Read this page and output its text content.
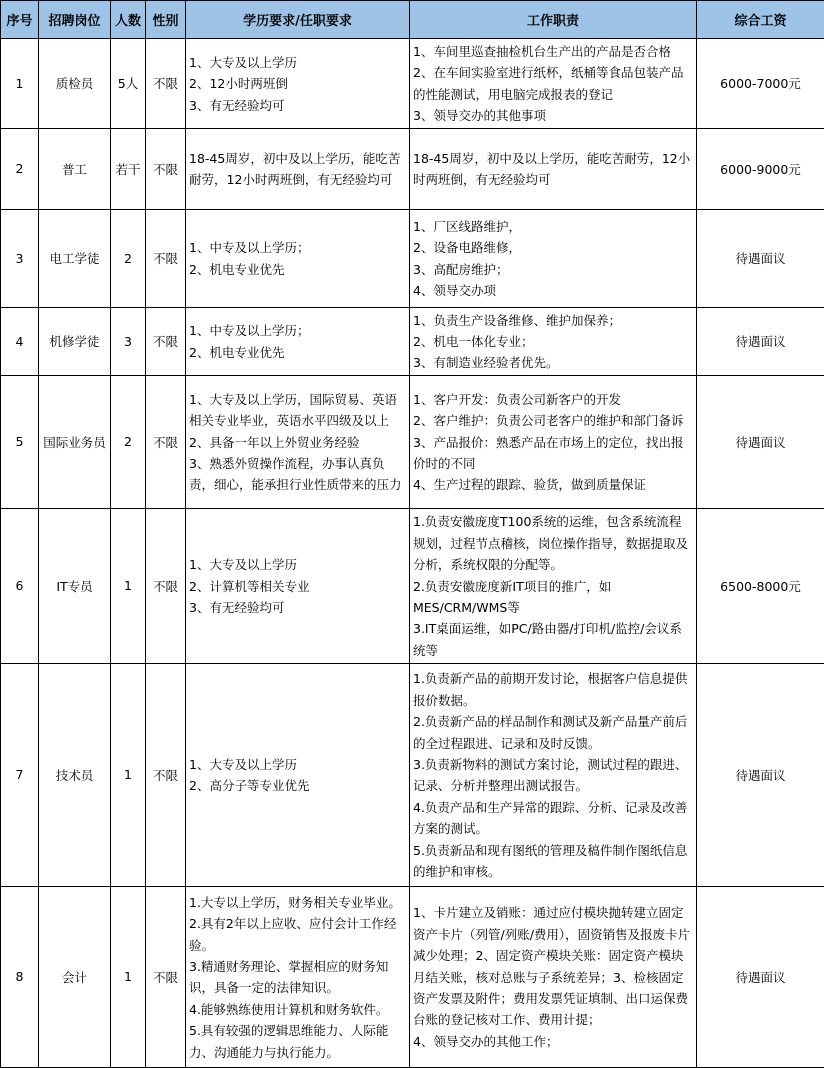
序号	招聘岗位	人数	性别	学历要求/任职要求	工作职责	综合工资
1	质检员	5人	不限	1、大专及以上学历
2、12小时两班倒
3、有无经验均可	1、车间里巡查抽检机台生产出的产品是否合格
2、在车间实验室进行纸杯，纸桶等食品包装产品的性能测试，用电脑完成报表的登记
3、领导交办的其他事项	6000-7000元
2	普工	若干	不限	18-45周岁，初中及以上学历，能吃苦耐劳，12小时两班倒，有无经验均可	18-45周岁，初中及以上学历，能吃苦耐劳，12小时两班倒，有无经验均可	6000-9000元
3	电工学徒	2	不限	1、中专及以上学历；
2、机电专业优先	1、厂区线路维护，
2、设备电路维修，
3、高配房维护；
4、领导交办项	待遇面议
4	机修学徒	3	不限	1、中专及以上学历；
2、机电专业优先	1、负责生产设备维修、维护加保养；
2、机电一体化专业；
3、有制造业经验者优先。	待遇面议
5	国际业务员	2	不限	1、大专及以上学历，国际贸易、英语相关专业毕业，英语水平四级及以上
2、具备一年以上外贸业务经验
3、熟悉外贸操作流程，办事认真负责，细心，能承担行业性质带来的压力	1、客户开发：负责公司新客户的开发
2、客户维护：负责公司老客户的维护和部门备诉
3、产品报价：熟悉产品在市场上的定位，找出报价时的不同
4、生产过程的跟踪、验货，做到质量保证	待遇面议
6	IT专员	1	不限	1、大专及以上学历
2、计算机等相关专业
3、有无经验均可	1.负责安徽庞度T100系统的运维，包含系统流程规划，过程节点稽核，岗位操作指导，数据提取及分析，系统权限的分配等。
2.负责安徽庞度新IT项目的推广，如MES/CRM/WMS等
3.IT桌面运维，如PC/路由器/打印机/监控/会议系统等	6500-8000元
7	技术员	1	不限	1、大专及以上学历
2、高分子等专业优先	1.负责新产品的前期开发讨论，根据客户信息提供报价数据。
2.负责新产品的样品制作和测试及新产品量产前后的全过程跟进、记录和及时反馈。
3.负责新物料的测试方案讨论，测试过程的跟进、记录、分析并整理出测试报告。
4.负责产品和生产异常的跟踪、分析、记录及改善方案的测试。
5.负责新品和现有图纸的管理及稿件制作图纸信息的维护和审核。	待遇面议
8	会计	1	不限	1.大专以上学历，财务相关专业毕业。
2.具有2年以上应收、应付会计工作经验。
3.精通财务理论、掌握相应的财务知识，具备一定的法律知识。
4.能够熟练使用计算机和财务软件。
5.具有较强的逻辑思维能力、人际能力、沟通能力与执行能力。	1、卡片建立及销账：通过应付模块抛转建立固定资产卡片（列管/列账/费用），固资销售及报废卡片减少处理；2、固定资产模块关账：固定资产模块月结关账，核对总账与子系统差异；3、检核固定资产发票及附件；费用发票凭证填制、出口运保费台账的登记核对工作、费用计提；
4、领导交办的其他工作；	待遇面议
